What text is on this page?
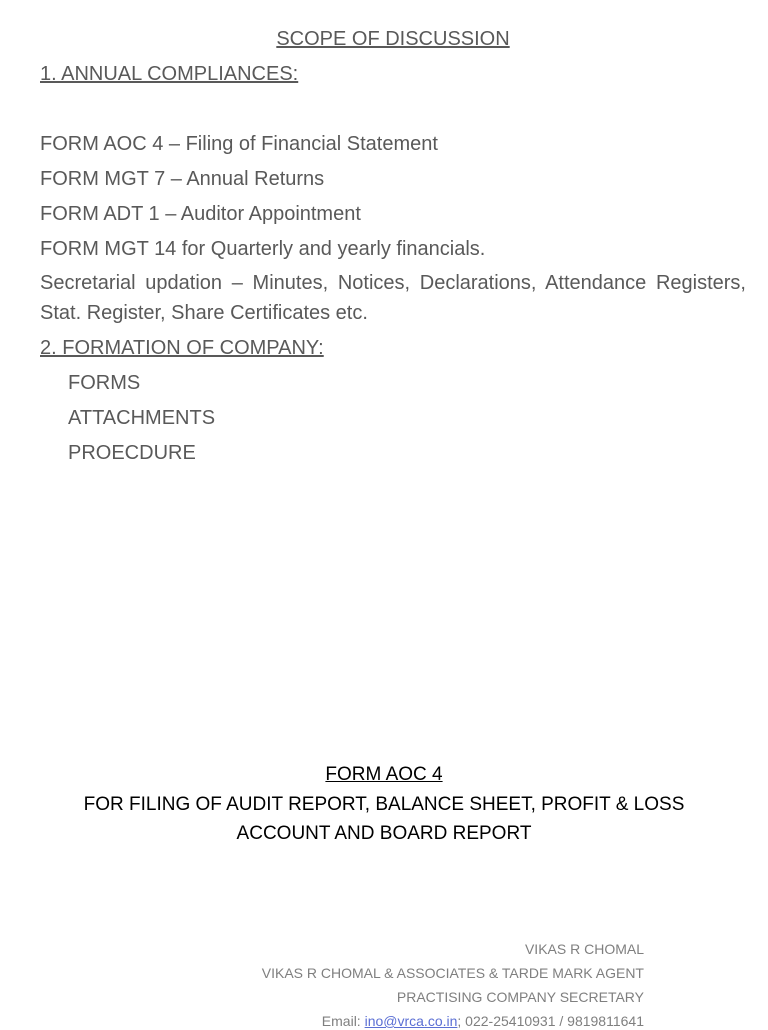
SCOPE OF DISCUSSION
1. ANNUAL COMPLIANCES:
FORM AOC 4 – Filing of Financial Statement
FORM MGT 7 – Annual Returns
FORM ADT 1 – Auditor Appointment
FORM MGT 14 for Quarterly and yearly financials.
Secretarial updation – Minutes, Notices, Declarations, Attendance Registers, Stat. Register, Share Certificates etc.
2. FORMATION OF COMPANY:
FORMS
ATTACHMENTS
PROECDURE
FORM AOC 4
FOR FILING OF AUDIT REPORT, BALANCE SHEET, PROFIT & LOSS ACCOUNT AND BOARD REPORT
VIKAS R CHOMAL
VIKAS R CHOMAL & ASSOCIATES & TARDE MARK AGENT
PRACTISING COMPANY SECRETARY
Email: ino@vrca.co.in; 022-25410931 / 9819811641
